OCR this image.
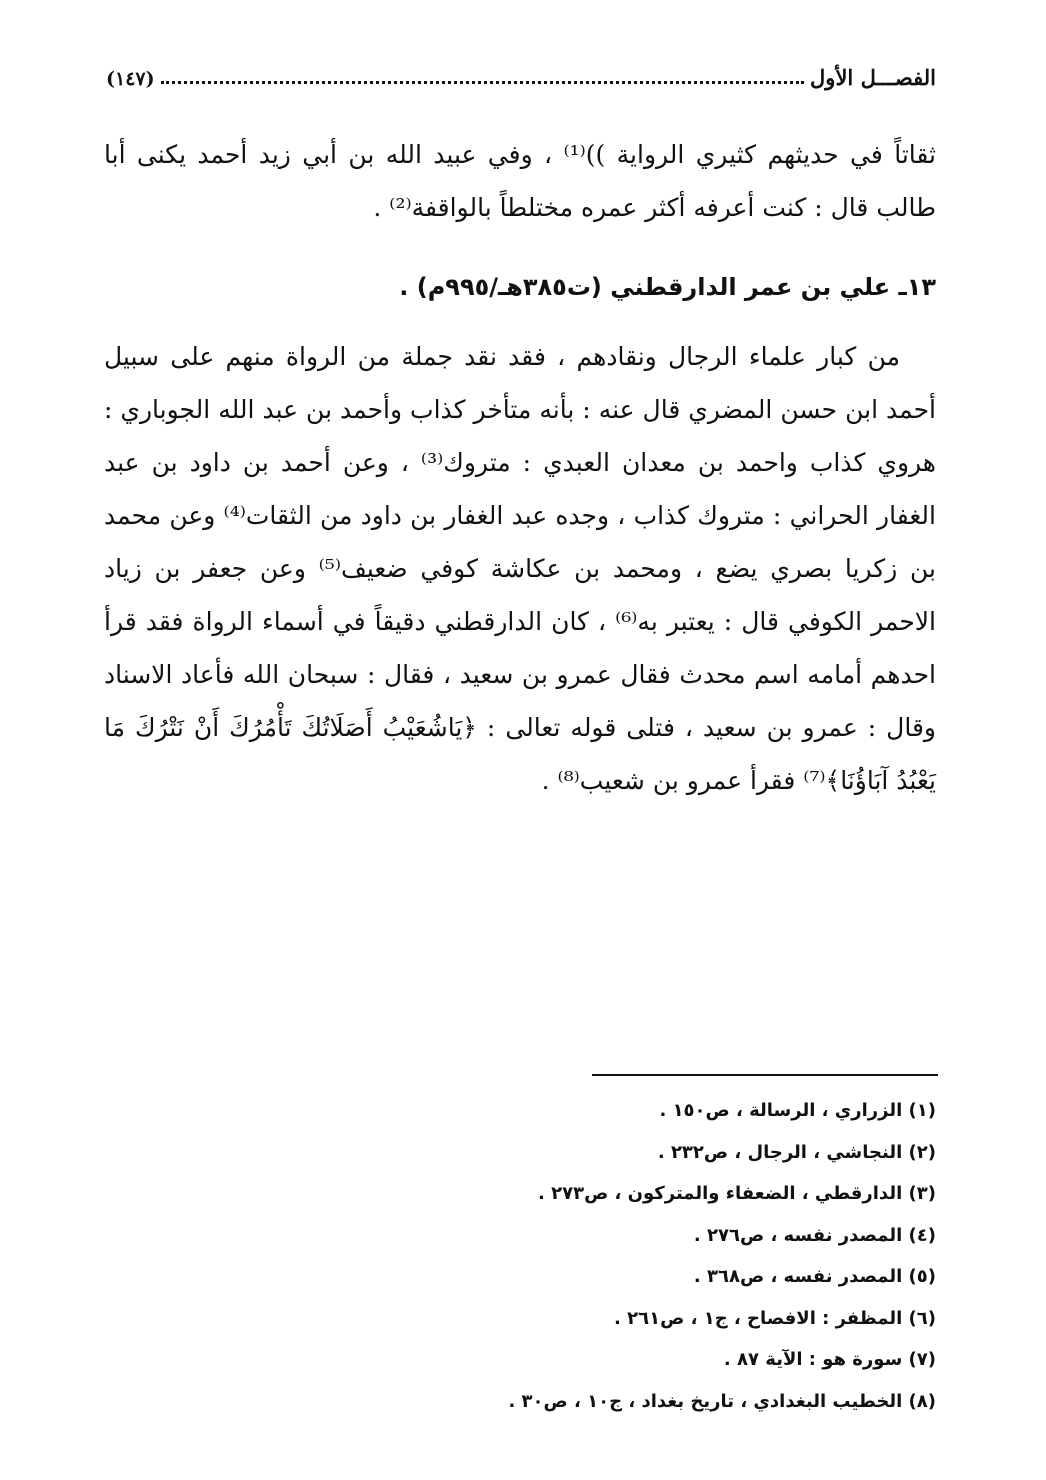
(١٤٧)	الفصـــل الأول

ثقاتاً في حديثهم كثيري الرواية ))⁽¹⁾ ، وفي عبيد الله بن أبي زيد أحمد يكنى أبا طالب قال : كنت أعرفه أكثر عمره مختلطاً بالواقفة⁽²⁾ .

١٣ـ علي بن عمر الدارقطني (ت٣٨٥هـ/٩٩٥م) .

من كبار علماء الرجال ونقادهم ، فقد نقد جملة من الرواة منهم على سبيل أحمد ابن حسن المضري قال عنه : بأنه متأخر كذاب وأحمد بن عبد الله الجوباري : هروي كذاب واحمد بن معدان العبدي : متروك⁽³⁾ ، وعن أحمد بن داود بن عبد الغفار الحراني : متروك كذاب ، وجده عبد الغفار بن داود من الثقات⁽⁴⁾ وعن محمد بن زكريا بصري يضع ، ومحمد بن عكاشة كوفي ضعيف⁽⁵⁾ وعن جعفر بن زياد الاحمر الكوفي قال : يعتبر به⁽⁶⁾ ، كان الدارقطني دقيقاً في أسماء الرواة فقد قرأ احدهم أمامه اسم محدث فقال عمرو بن سعيد ، فقال : سبحان الله فأعاد الاسناد وقال : عمرو بن سعيد ، فتلى قوله تعالى : ﴿يَاشُعَيْبُ أَصَلَاتُكَ تَأْمُرُكَ أَنْ نَتْرُكَ مَا يَعْبُدُ آبَاؤُنَا﴾⁽⁷⁾ فقرأ عمرو بن شعيب⁽⁸⁾ .

(١) الزراري ، الرسالة ، ص١٥٠ .
(٢) النجاشي ، الرجال ، ص٢٣٢ .
(٣) الدارقطي ، الضعفاء والمتركون ، ص٢٧٣ .
(٤) المصدر نفسه ، ص٢٧٦ .
(٥) المصدر نفسه ، ص٣٦٨ .
(٦) المظفر : الافصاح ، ج١ ، ص٢٦١ .
(٧) سورة هو : الآية ٨٧ .
(٨) الخطيب البغدادي ، تاريخ بغداد ، ج١٠ ، ص٣٠ .
